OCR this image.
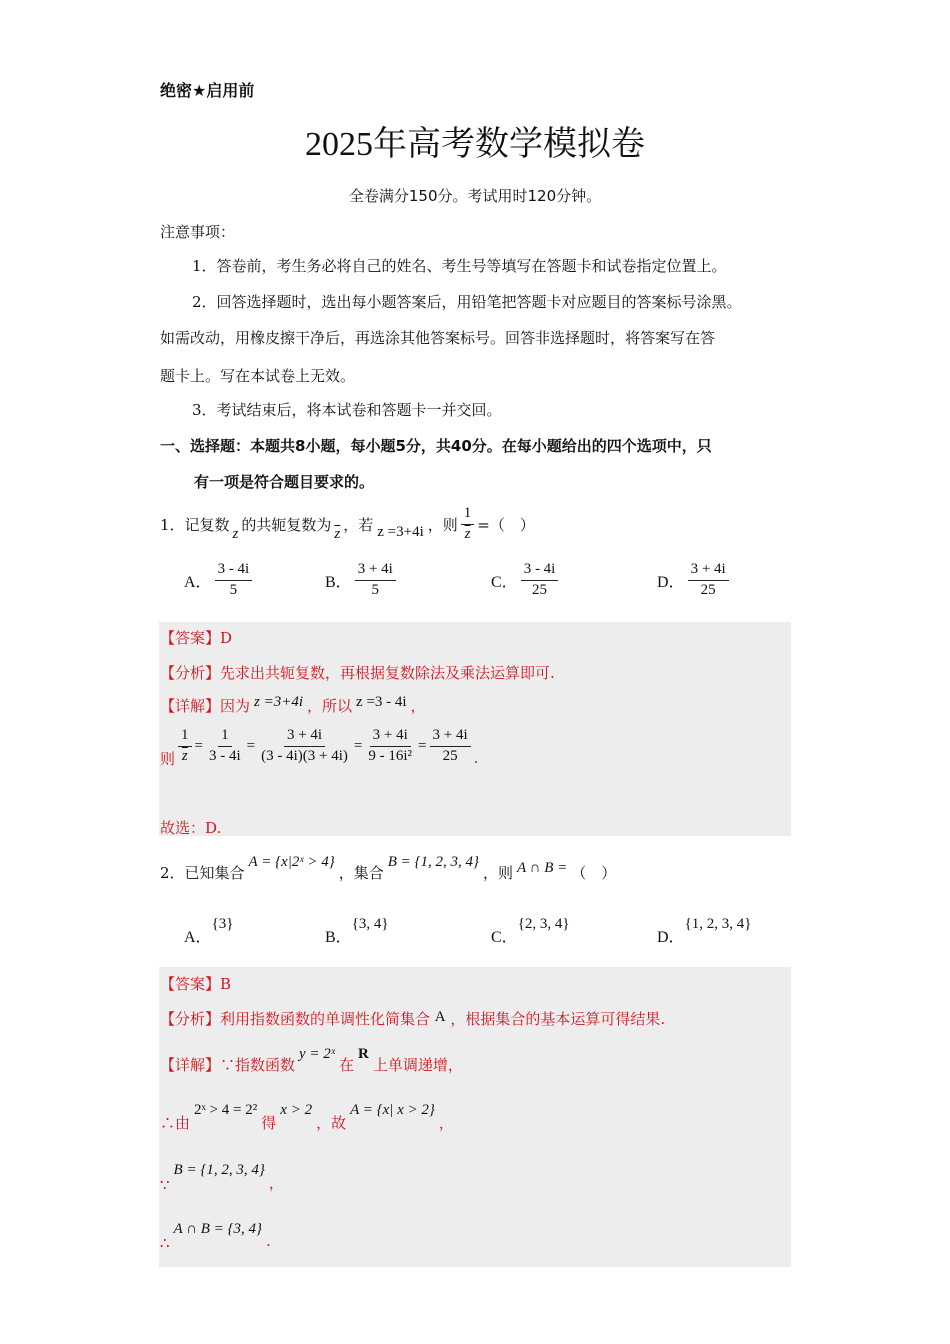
绝密★启用前
2025年高考数学模拟卷
全卷满分150分。考试用时120分钟。
注意事项：
1．答卷前，考生务必将自己的姓名、考生号等填写在答题卡和试卷指定位置上。
2．回答选择题时，选出每小题答案后，用铅笔把答题卡对应题目的答案标号涂黑。
如需改动，用橡皮擦干净后，再选涂其他答案标号。回答非选择题时，将答案写在答
题卡上。写在本试卷上无效。
3．考试结束后，将本试卷和答题卡一并交回。
一、选择题：本题共8小题，每小题5分，共40分。在每小题给出的四个选项中，只
有一项是符合题目要求的。
1．记复数 z 的共轭复数为 $\overline{z}$ ，若 z =3+4i ，则 $\frac{1}{z}$ =（　）
A． $\frac{3 - 4i}{5}$	B． $\frac{3 + 4i}{5}$	C． $\frac{3 - 4i}{25}$	D． $\frac{3 + 4i}{25}$
【答案】D
【分析】先求出共轭复数，再根据复数除法及乘法运算即可.
【详解】因为 z =3+4i ，所以 z =3 - 4i ，
则 $\frac{1}{z} = \frac{1}{3 - 4i} = \frac{3 + 4i}{(3 - 4i)(3 + 4i)} = \frac{3 + 4i}{\text{9 - 16i²}} = \frac{3 + 4i}{25}$ .
故选：D.
2．已知集合
A = {x|2ˣ > 4}
，集合
B = {1, 2, 3, 4}
，则 A ∩ B = （　）
A．{3}
B．{3, 4}
C．{2, 3, 4}
D．{1, 2, 3, 4}
【答案】B
【分析】利用指数函数的单调性化简集合 A ，根据集合的基本运算可得结果.
【详解】∵指数函数
y = 2ˣ
在
R
上单调递增，
∴由
2ˣ > 4 = 2²
得
x > 2
，故
A = {x| x > 2}
，
∵
B = {1, 2, 3, 4}
，
∴
A ∩ B = {3, 4}
.
